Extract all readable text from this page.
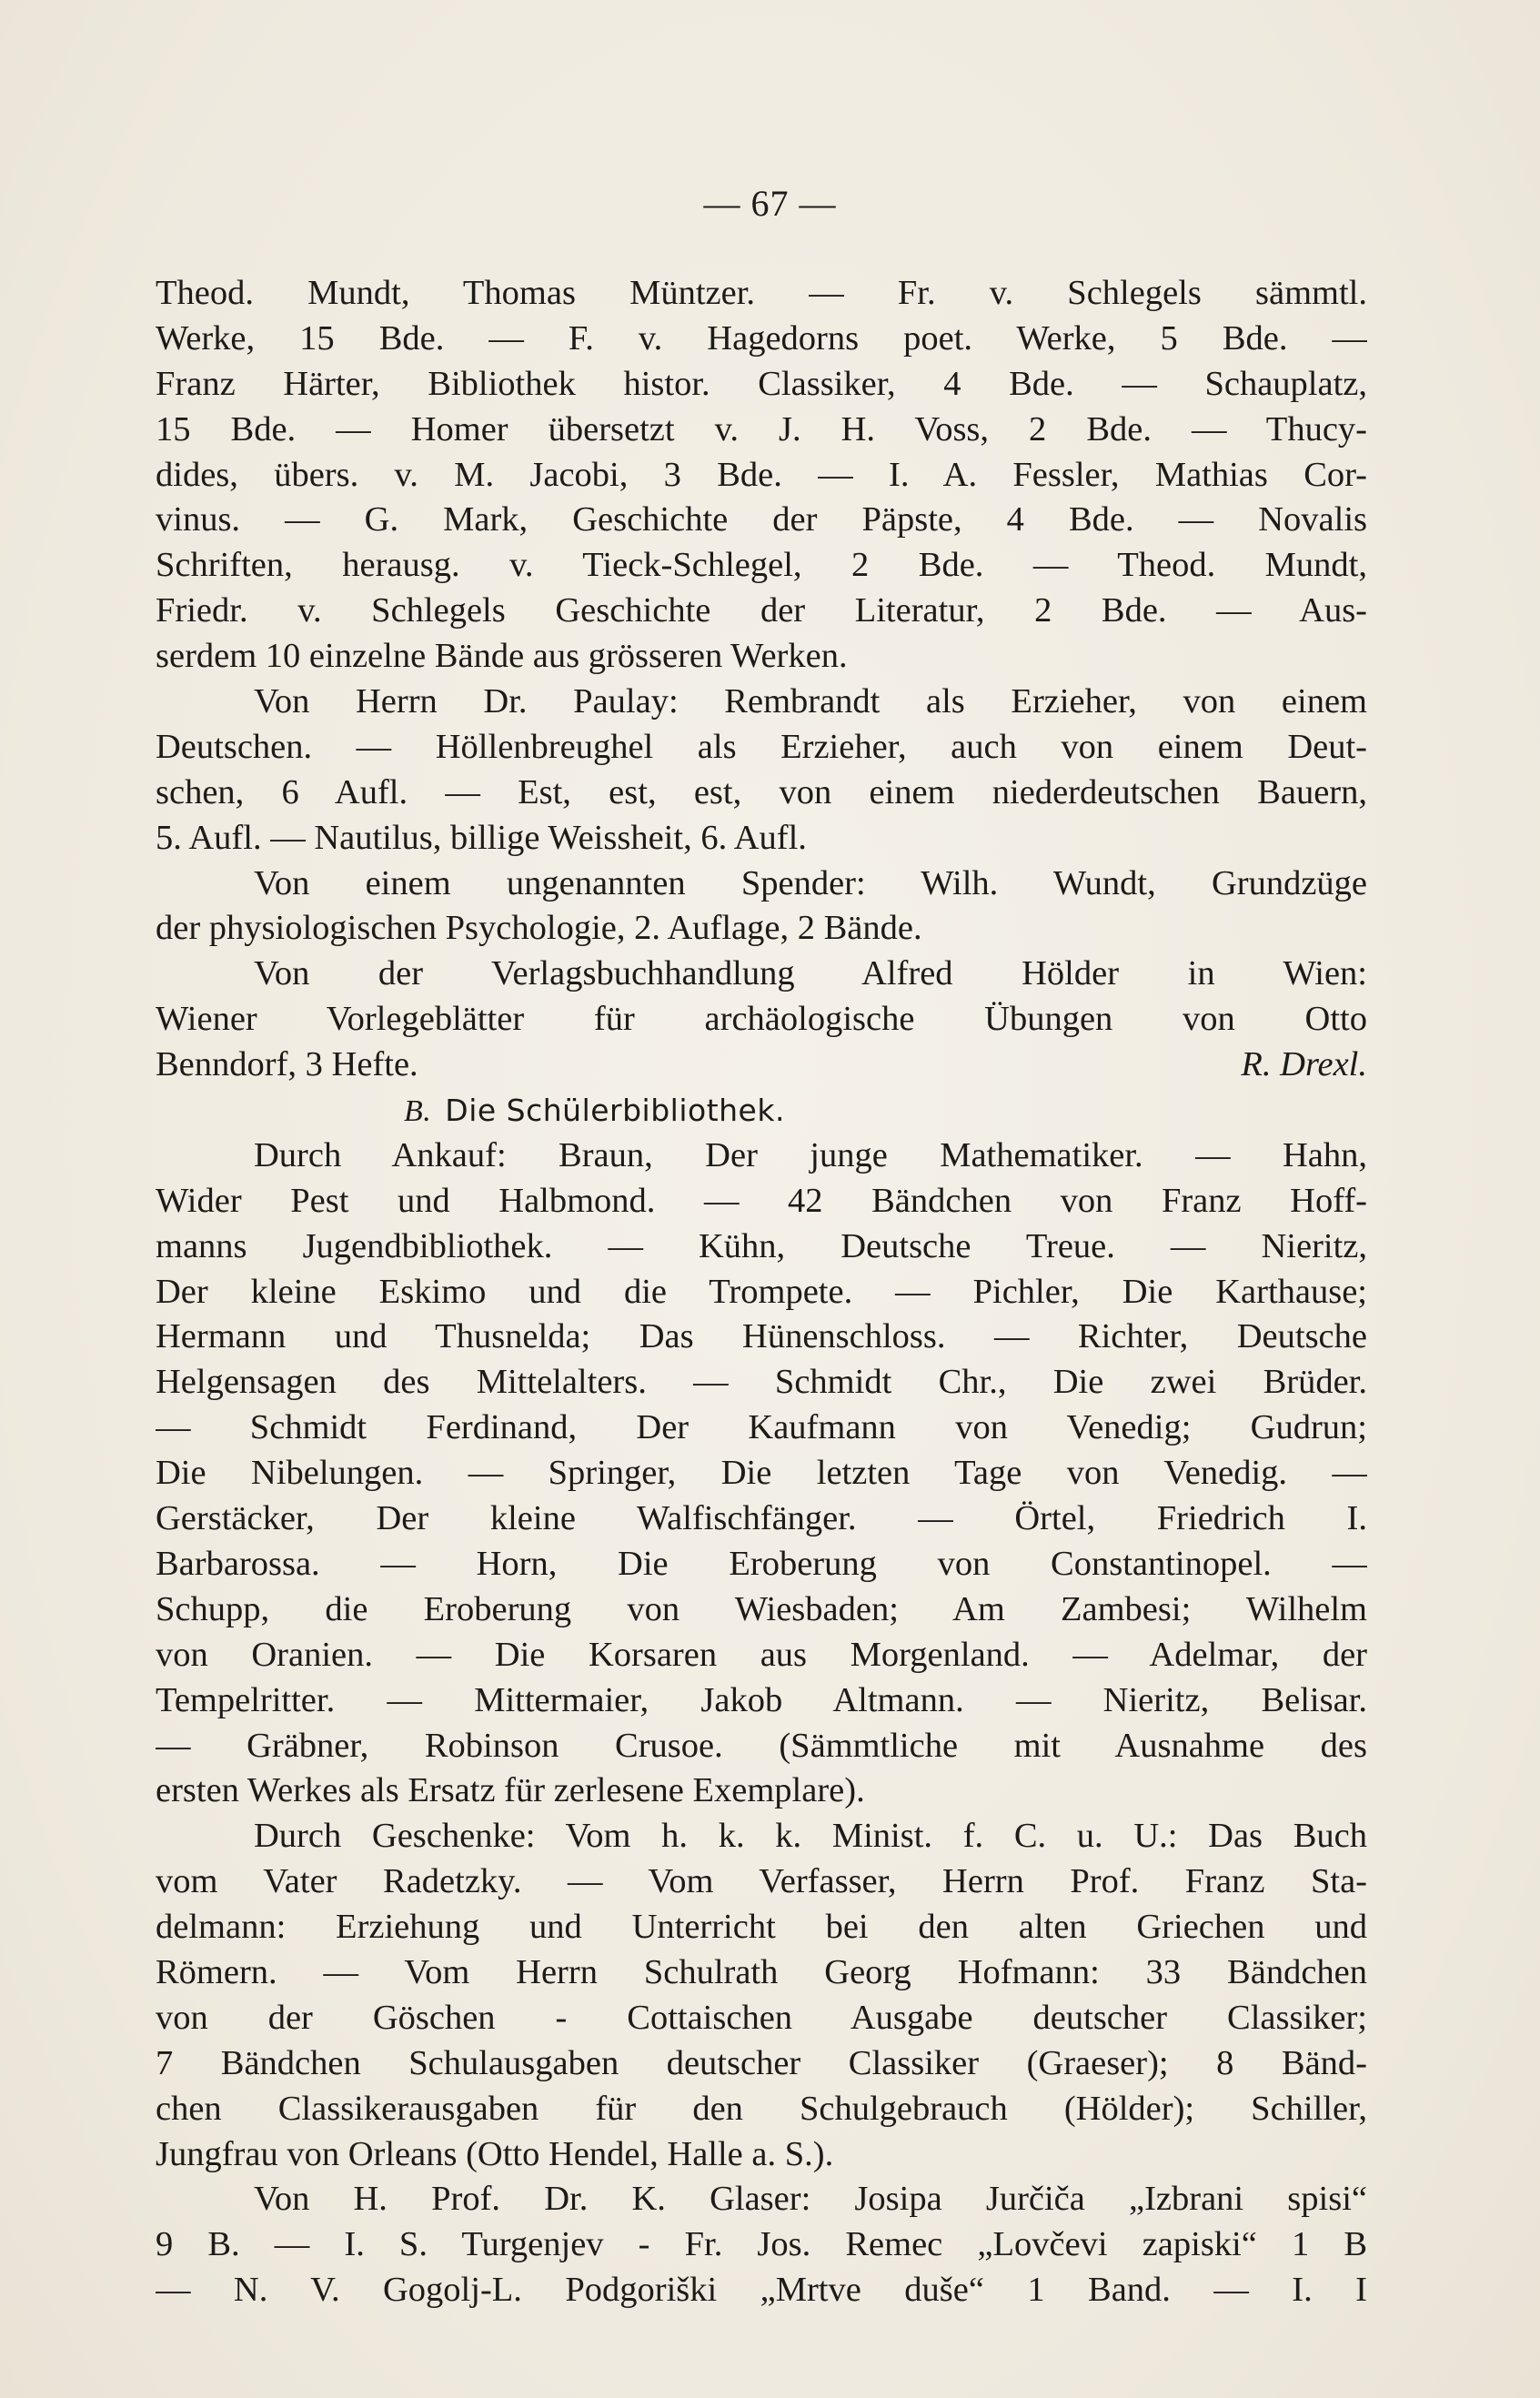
— 67 —
Theod. Mundt, Thomas Müntzer. — Fr. v. Schlegels sämmtl.
Werke, 15 Bde. — F. v. Hagedorns poet. Werke, 5 Bde. —
Franz Härter, Bibliothek histor. Classiker, 4 Bde. — Schauplatz,
15 Bde. — Homer übersetzt v. J. H. Voss, 2 Bde. — Thucy-
dides, übers. v. M. Jacobi, 3 Bde. — I. A. Fessler, Mathias Cor-
vinus. — G. Mark, Geschichte der Päpste, 4 Bde. — Novalis
Schriften, herausg. v. Tieck-Schlegel, 2 Bde. — Theod. Mundt,
Friedr. v. Schlegels Geschichte der Literatur, 2 Bde. — Aus-
serdem 10 einzelne Bände aus grösseren Werken.
Von Herrn Dr. Paulay: Rembrandt als Erzieher, von einem
Deutschen. — Höllenbreughel als Erzieher, auch von einem Deut-
schen, 6 Aufl. — Est, est, est, von einem niederdeutschen Bauern,
5. Aufl. — Nautilus, billige Weissheit, 6. Aufl.
Von einem ungenannten Spender: Wilh. Wundt, Grundzüge
der physiologischen Psychologie, 2. Auflage, 2 Bände.
Von der Verlagsbuchhandlung Alfred Hölder in Wien:
Wiener Vorlegeblätter für archäologische Übungen von Otto
Benndorf, 3 Hefte.	R. Drexl.
B. Die Schülerbibliothek.
Durch Ankauf: Braun, Der junge Mathematiker. — Hahn,
Wider Pest und Halbmond. — 42 Bändchen von Franz Hoff-
manns Jugendbibliothek. — Kühn, Deutsche Treue. — Nieritz,
Der kleine Eskimo und die Trompete. — Pichler, Die Karthause;
Hermann und Thusnelda; Das Hünenschloss. — Richter, Deutsche
Helgensagen des Mittelalters. — Schmidt Chr., Die zwei Brüder.
— Schmidt Ferdinand, Der Kaufmann von Venedig; Gudrun;
Die Nibelungen. — Springer, Die letzten Tage von Venedig. —
Gerstäcker, Der kleine Walfischfänger. — Örtel, Friedrich I.
Barbarossa. — Horn, Die Eroberung von Constantinopel. —
Schupp, die Eroberung von Wiesbaden; Am Zambesi; Wilhelm
von Oranien. — Die Korsaren aus Morgenland. — Adelmar, der
Tempelritter. — Mittermaier, Jakob Altmann. — Nieritz, Belisar.
— Gräbner, Robinson Crusoe. (Sämmtliche mit Ausnahme des
ersten Werkes als Ersatz für zerlesene Exemplare).
Durch Geschenke: Vom h. k. k. Minist. f. C. u. U.: Das Buch
vom Vater Radetzky. — Vom Verfasser, Herrn Prof. Franz Sta-
delmann: Erziehung und Unterricht bei den alten Griechen und
Römern. — Vom Herrn Schulrath Georg Hofmann: 33 Bändchen
von der Göschen - Cottaischen Ausgabe deutscher Classiker;
7 Bändchen Schulausgaben deutscher Classiker (Graeser); 8 Bänd-
chen Classikerausgaben für den Schulgebrauch (Hölder); Schiller,
Jungfrau von Orleans (Otto Hendel, Halle a. S.).
Von H. Prof. Dr. K. Glaser: Josipa Jurčiča „Izbrani spisi“
9 B. — I. S. Turgenjev - Fr. Jos. Remec „Lovčevi zapiski“ 1 B
— N. V. Gogolj-L. Podgoriški „Mrtve duše“ 1 Band. — I. I
